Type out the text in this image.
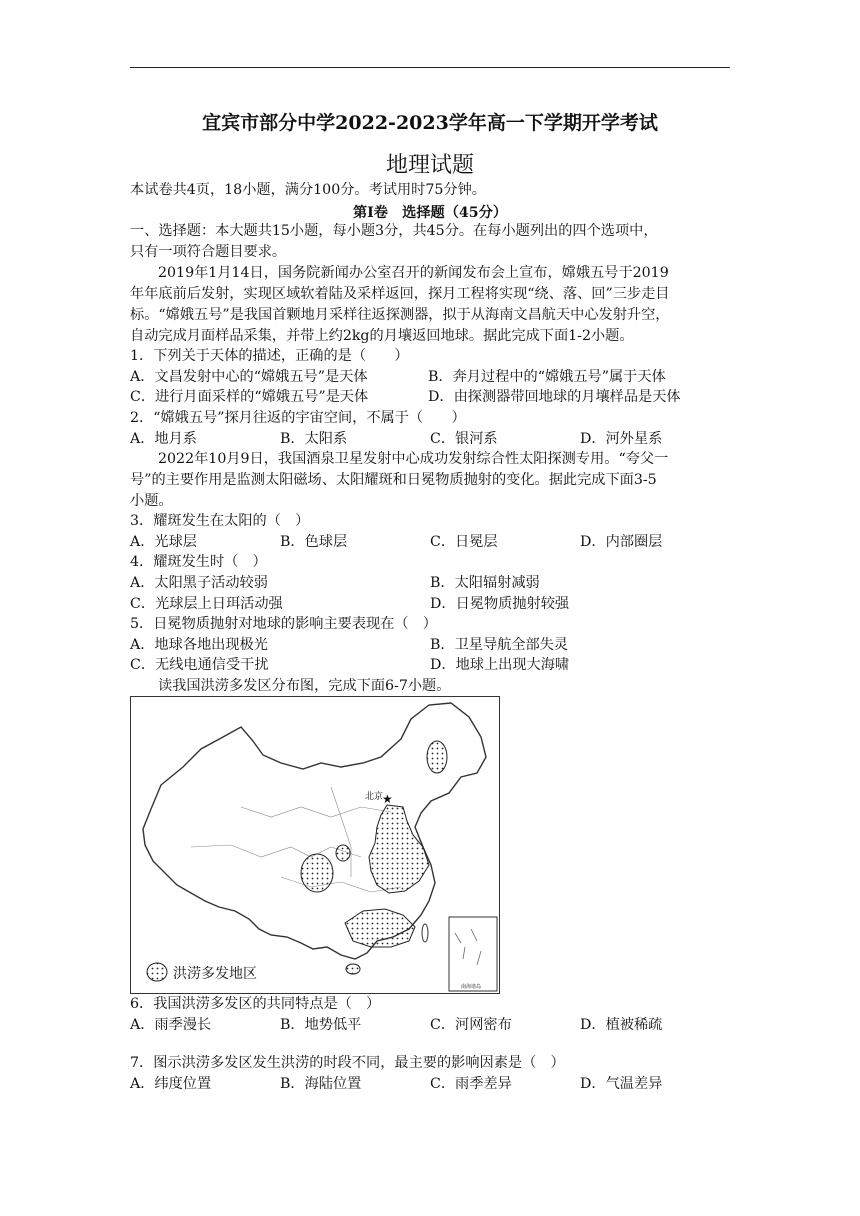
宜宾市部分中学2022-2023学年高一下学期开学考试
地理试题
本试卷共4页，18小题，满分100分。考试用时75分钟。
第Ⅰ卷　选择题（45分）
一、选择题：本大题共15小题，每小题3分，共45分。在每小题列出的四个选项中，
只有一项符合题目要求。
2019年1月14日，国务院新闻办公室召开的新闻发布会上宣布，嫦娥五号于2019
年年底前后发射，实现区域软着陆及采样返回，探月工程将实现“绕、落、回”三步走目
标。“嫦娥五号”是我国首颗地月采样往返探测器，拟于从海南文昌航天中心发射升空，
自动完成月面样品采集，并带上约2kg的月壤返回地球。据此完成下面1-2小题。
1．下列关于天体的描述，正确的是（　　）
A．文昌发射中心的“嫦娥五号”是天体	B．奔月过程中的“嫦娥五号”属于天体
C．进行月面采样的“嫦娥五号”是天体	D．由探测器带回地球的月壤样品是天体
2．“嫦娥五号”探月往返的宇宙空间，不属于（　　）
A．地月系	B．太阳系	C．银河系	D．河外星系
2022年10月9日，我国酒泉卫星发射中心成功发射综合性太阳探测专用。“夸父一
号”的主要作用是监测太阳磁场、太阳耀斑和日冕物质抛射的变化。据此完成下面3-5
小题。
3．耀斑发生在太阳的（　）
A．光球层	B．色球层	C．日冕层	D．内部圈层
4．耀斑发生时（　）
A．太阳黑子活动较弱	B．太阳辐射减弱
C．光球层上日珥活动强	D．日冕物质抛射较强
5．日冕物质抛射对地球的影响主要表现在（　）
A．地球各地出现极光	B．卫星导航全部失灵
C．无线电通信受干扰	D．地球上出现大海啸
读我国洪涝多发区分布图，完成下面6-7小题。
★
北京
洪涝多发地区
南海诸岛
6．我国洪涝多发区的共同特点是（　）
A．雨季漫长	B．地势低平	C．河网密布	D．植被稀疏
7．图示洪涝多发区发生洪涝的时段不同，最主要的影响因素是（　）
A．纬度位置	B．海陆位置	C．雨季差异	D．气温差异
